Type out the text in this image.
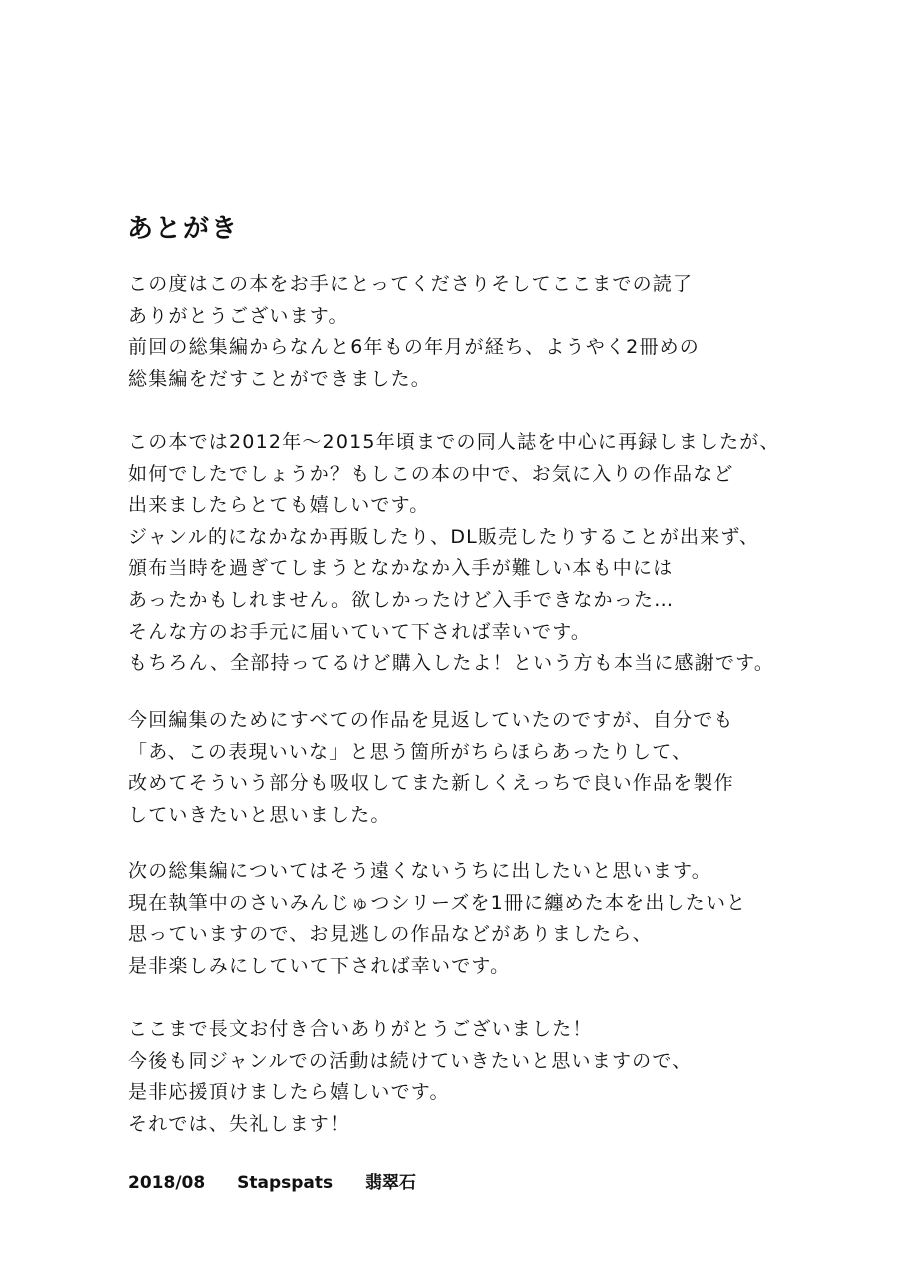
あとがき
この度はこの本をお手にとってくださりそしてここまでの読了
ありがとうございます。
前回の総集編からなんと6年もの年月が経ち、ようやく2冊めの
総集編をだすことができました。
この本では2012年～2015年頃までの同人誌を中心に再録しましたが、
如何でしたでしょうか？もしこの本の中で、お気に入りの作品など
出来ましたらとても嬉しいです。
ジャンル的になかなか再販したり、DL販売したりすることが出来ず、
頒布当時を過ぎてしまうとなかなか入手が難しい本も中には
あったかもしれません。欲しかったけど入手できなかった…
そんな方のお手元に届いていて下されば幸いです。
もちろん、全部持ってるけど購入したよ！という方も本当に感謝です。
今回編集のためにすべての作品を見返していたのですが、自分でも
「あ、この表現いいな」と思う箇所がちらほらあったりして、
改めてそういう部分も吸収してまた新しくえっちで良い作品を製作
していきたいと思いました。
次の総集編についてはそう遠くないうちに出したいと思います。
現在執筆中のさいみんじゅつシリーズを1冊に纏めた本を出したいと
思っていますので、お見逃しの作品などがありましたら、
是非楽しみにしていて下されば幸いです。
ここまで長文お付き合いありがとうございました！
今後も同ジャンルでの活動は続けていきたいと思いますので、
是非応援頂けましたら嬉しいです。
それでは、失礼します！
2018/08 Stapspats 翡翠石
